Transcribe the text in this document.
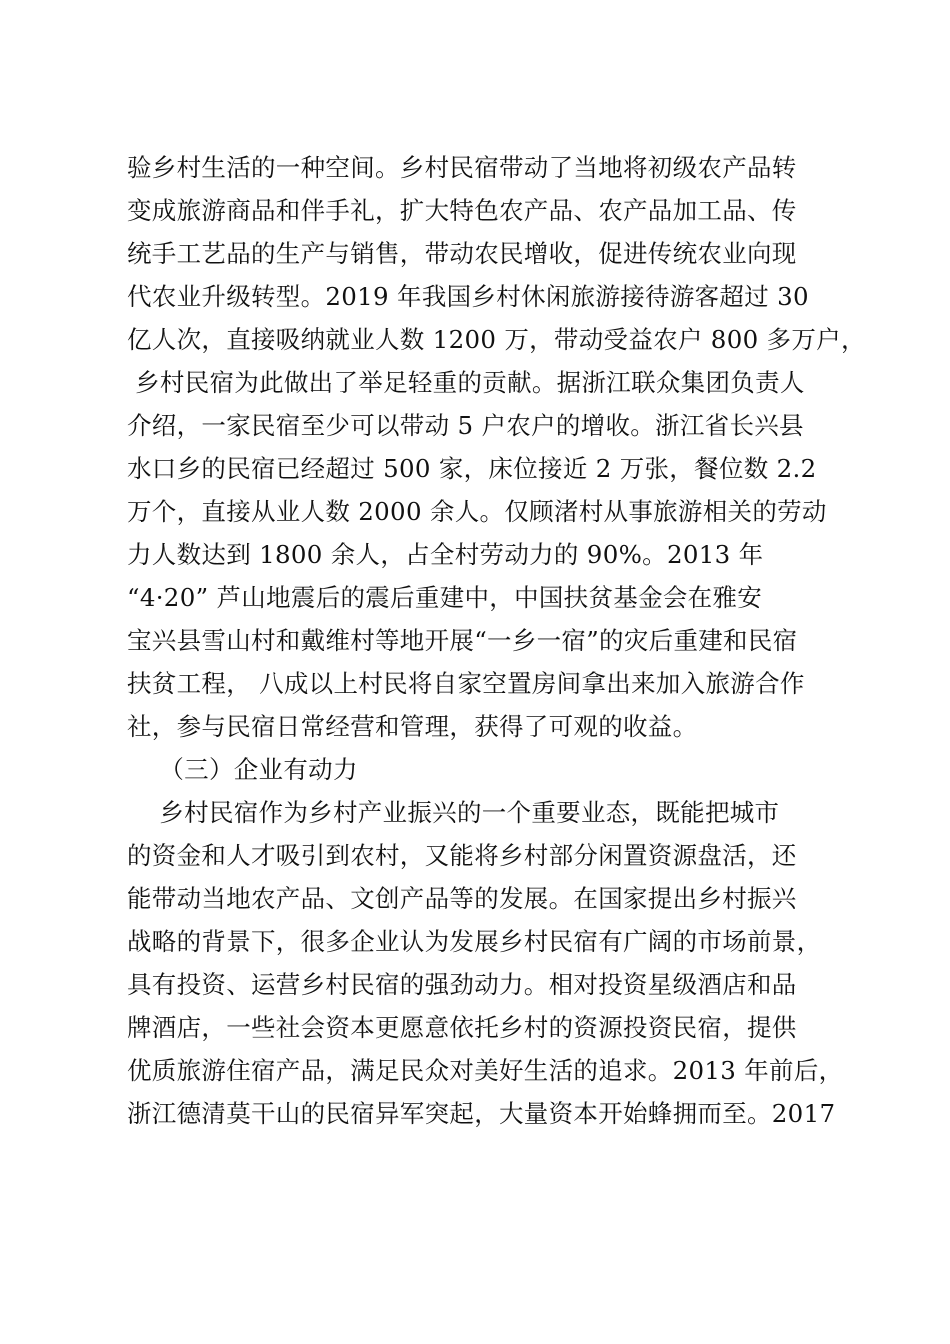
验乡村生活的一种空间。乡村民宿带动了当地将初级农产品转
变成旅游商品和伴手礼，扩大特色农产品、农产品加工品、传
统手工艺品的生产与销售，带动农民增收，促进传统农业向现
代农业升级转型。2019 年我国乡村休闲旅游接待游客超过 30
亿人次，直接吸纳就业人数 1200 万，带动受益农户 800 多万户，
乡村民宿为此做出了举足轻重的贡献。据浙江联众集团负责人
介绍，一家民宿至少可以带动 5 户农户的增收。浙江省长兴县
水口乡的民宿已经超过 500 家，床位接近 2 万张，餐位数 2.2
万个，直接从业人数 2000 余人。仅顾渚村从事旅游相关的劳动
力人数达到 1800 余人，占全村劳动力的 90%。2013 年
“4·20” 芦山地震后的震后重建中，中国扶贫基金会在雅安
宝兴县雪山村和戴维村等地开展“一乡一宿”的灾后重建和民宿
扶贫工程， 八成以上村民将自家空置房间拿出来加入旅游合作
社，参与民宿日常经营和管理，获得了可观的收益。
（三）企业有动力
乡村民宿作为乡村产业振兴的一个重要业态，既能把城市
的资金和人才吸引到农村，又能将乡村部分闲置资源盘活，还
能带动当地农产品、文创产品等的发展。在国家提出乡村振兴
战略的背景下，很多企业认为发展乡村民宿有广阔的市场前景，
具有投资、运营乡村民宿的强劲动力。相对投资星级酒店和品
牌酒店，一些社会资本更愿意依托乡村的资源投资民宿，提供
优质旅游住宿产品，满足民众对美好生活的追求。2013 年前后，
浙江德清莫干山的民宿异军突起，大量资本开始蜂拥而至。2017
